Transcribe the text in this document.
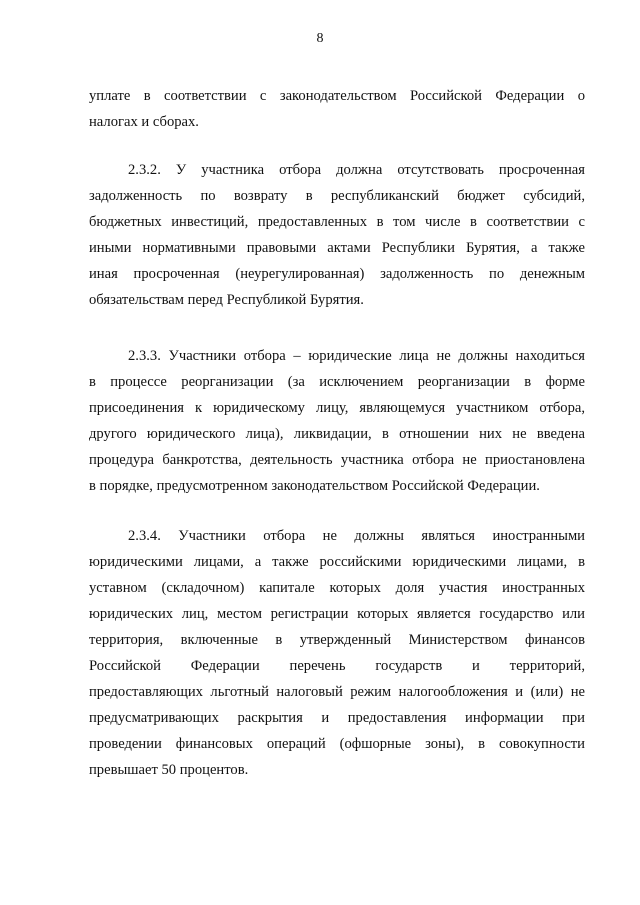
8
уплате в соответствии с законодательством Российской Федерации о
налогах и сборах.
2.3.2. У участника отбора должна отсутствовать просроченная
задолженность по возврату в республиканский бюджет субсидий,
бюджетных инвестиций, предоставленных в том числе в соответствии с
иными нормативными правовыми актами Республики Бурятия, а также
иная просроченная (неурегулированная) задолженность по денежным
обязательствам перед Республикой Бурятия.
2.3.3. Участники отбора – юридические лица не должны находиться
в процессе реорганизации (за исключением реорганизации в форме
присоединения к юридическому лицу, являющемуся участником отбора,
другого юридического лица), ликвидации, в отношении них не введена
процедура банкротства, деятельность участника отбора не приостановлена
в порядке, предусмотренном законодательством Российской Федерации.
2.3.4. Участники отбора не должны являться иностранными
юридическими лицами, а также российскими юридическими лицами, в
уставном (складочном) капитале которых доля участия иностранных
юридических лиц, местом регистрации которых является государство или
территория, включенные в утвержденный Министерством финансов
Российской Федерации перечень государств и территорий,
предоставляющих льготный налоговый режим налогообложения и (или) не
предусматривающих раскрытия и предоставления информации при
проведении финансовых операций (офшорные зоны), в совокупности
превышает 50 процентов.
